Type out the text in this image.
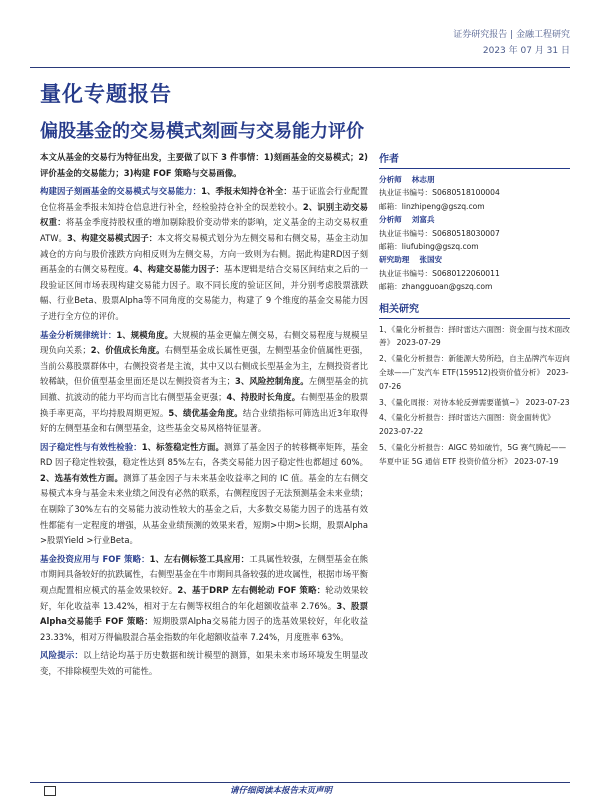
证券研究报告 | 金融工程研究
2023 年 07 月 31 日
量化专题报告
偏股基金的交易模式刻画与交易能力评价

本文从基金的交易行为特征出发，主要做了以下 3 件事情：1)刻画基金的交易模式；2)评价基金的交易能力；3)构建 FOF 策略与交易画像。

构建因子刻画基金的交易模式与交易能力：1、季报未知持仓补全：基于证监会行业配置仓位将基金季报未知持仓信息进行补全，经检验持仓补全的误差较小。2、识别主动交易权重：将基金季度持股权重的增加剔除股价变动带来的影响，定义基金的主动交易权重 ATW。3、构建交易模式因子：本文将交易模式划分为左侧交易和右侧交易，基金主动加减仓的方向与股价涨跌方向相反则为左侧交易，方向一致则为右侧。据此构建RD因子刻画基金的右侧交易程度。4、构建交易能力因子：基本逻辑是结合交易区间结束之后的一段验证区间市场表现构建交易能力因子。取不同长度的验证区间，并分别考虑股票涨跌幅、行业Beta、股票Alpha等不同角度的交易能力，构建了 9 个维度的基金交易能力因子进行全方位的评价。

基金分析规律统计：1、规模角度。大规模的基金更偏左侧交易，右侧交易程度与规模呈现负向关系；2、价值成长角度。右侧型基金成长属性更强，左侧型基金价值属性更强，当前公募股票群体中，右侧投资者是主流，其中又以右侧成长型基金为主，左侧投资者比较稀缺，但价值型基金里面还是以左侧投资者为主；3、风险控制角度。左侧型基金的抗回撤、抗波动的能力平均而言比右侧型基金更强；4、持股时长角度。右侧型基金的股票换手率更高，平均持股周期更短。5、绩优基金角度。结合业绩指标可筛选出近3年取得好的左侧型基金和右侧型基金，这些基金交易风格特征显著。

因子稳定性与有效性检验：1、标签稳定性方面。测算了基金因子的转移概率矩阵，基金 RD 因子稳定性较强，稳定性达到 85%左右，各类交易能力因子稳定性也都超过 60%。2、选基有效性方面。测算了基金因子与未来基金收益率之间的 IC 值。基金的左右侧交易模式本身与基金未来业绩之间没有必然的联系，右侧程度因子无法预测基金未来业绩；在剔除了30%左右的交易能力波动性较大的基金之后，大多数交易能力因子的选基有效性都能有一定程度的增强，从基金业绩预测的效果来看，短期>中期>长期，股票Alpha >股票Yield >行业Beta。

基金投资应用与 FOF 策略：1、左右侧标签工具应用：工具属性较强，左侧型基金在熊市期间具备较好的抗跌属性，右侧型基金在牛市期间具备较强的进攻属性，根据市场平衡观点配置相应模式的基金效果较好。2、基于DRP 左右侧轮动 FOF 策略：轮动效果较好，年化收益率 13.42%，相对于左右侧等权组合的年化超额收益率 2.76%。3、股票Alpha交易能手 FOF 策略：短期股票Alpha交易能力因子的选基效果较好，年化收益 23.33%，相对万得偏股混合基金指数的年化超额收益率 7.24%，月度胜率 63%。

风险提示：以上结论均基于历史数据和统计模型的测算，如果未来市场环境发生明显改变，不排除模型失效的可能性。

作者
分析师 林志朋
执业证书编号：S0680518100004
邮箱：linzhipeng@gszq.com
分析师 刘富兵
执业证书编号：S0680518030007
邮箱：liufubing@gszq.com
研究助理 张国安
执业证书编号：S0680122060011
邮箱：zhangguoan@gszq.com
相关研究
1、《量化分析报告：择时雷达六面图：资金面与技术面改善》 2023-07-29
2、《量化分析报告：新能源大势所趋，自主品牌汽车迈向全球——广发汽车 ETF(159512)投资价值分析》 2023-07-26
3、《量化周报：对待本轮反弹需要谨慎~》 2023-07-23
4、《量化分析报告：择时雷达六面图：资金面转优》 2023-07-22
5、《量化分析报告：AIGC 势如破竹，5G 赛气腾起——华夏中证 5G 通信 ETF 投资价值分析》 2023-07-19
请仔细阅读本报告末页声明
